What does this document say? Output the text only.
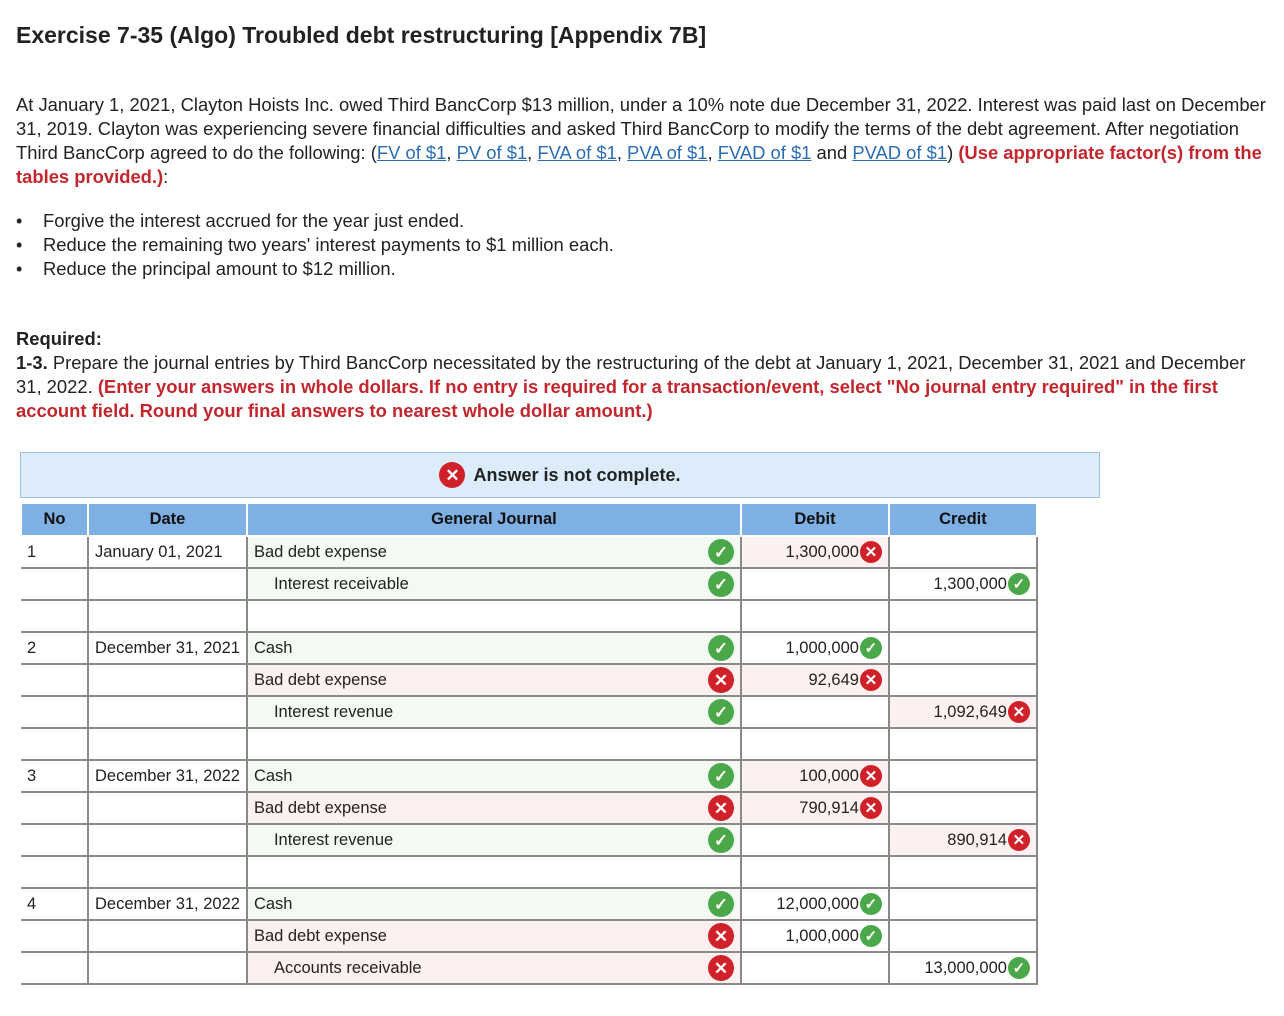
Exercise 7-35 (Algo) Troubled debt restructuring [Appendix 7B]

At January 1, 2021, Clayton Hoists Inc. owed Third BancCorp $13 million, under a 10% note due December 31, 2022. Interest was paid last on December 31, 2019. Clayton was experiencing severe financial difficulties and asked Third BancCorp to modify the terms of the debt agreement. After negotiation Third BancCorp agreed to do the following: (FV of $1, PV of $1, FVA of $1, PVA of $1, FVAD of $1 and PVAD of $1) (Use appropriate factor(s) from the tables provided.):

• Forgive the interest accrued for the year just ended.
• Reduce the remaining two years' interest payments to $1 million each.
• Reduce the principal amount to $12 million.

Required:
1-3. Prepare the journal entries by Third BancCorp necessitated by the restructuring of the debt at January 1, 2021, December 31, 2021 and December 31, 2022. (Enter your answers in whole dollars. If no entry is required for a transaction/event, select "No journal entry required" in the first account field. Round your final answers to nearest whole dollar amount.)

✕ Answer is not complete.
No	Date	General Journal		Debit	Credit
1	January 01, 2021	Bad debt expense	✓	1,300,000 ✕	

		Interest receivable	✓		1,300,000 ✓

2	December 31, 2021	Cash	✓	1,000,000 ✓	

		Bad debt expense	✕	92,649 ✕	

		Interest revenue	✓		1,092,649 ✕

3	December 31, 2022	Cash	✓	100,000 ✕	

		Bad debt expense	✕	790,914 ✕	

		Interest revenue	✓		890,914 ✕

4	December 31, 2022	Cash	✓	12,000,000 ✓	

		Bad debt expense	✕	1,000,000 ✓	

		Accounts receivable	✕		13,000,000 ✓
